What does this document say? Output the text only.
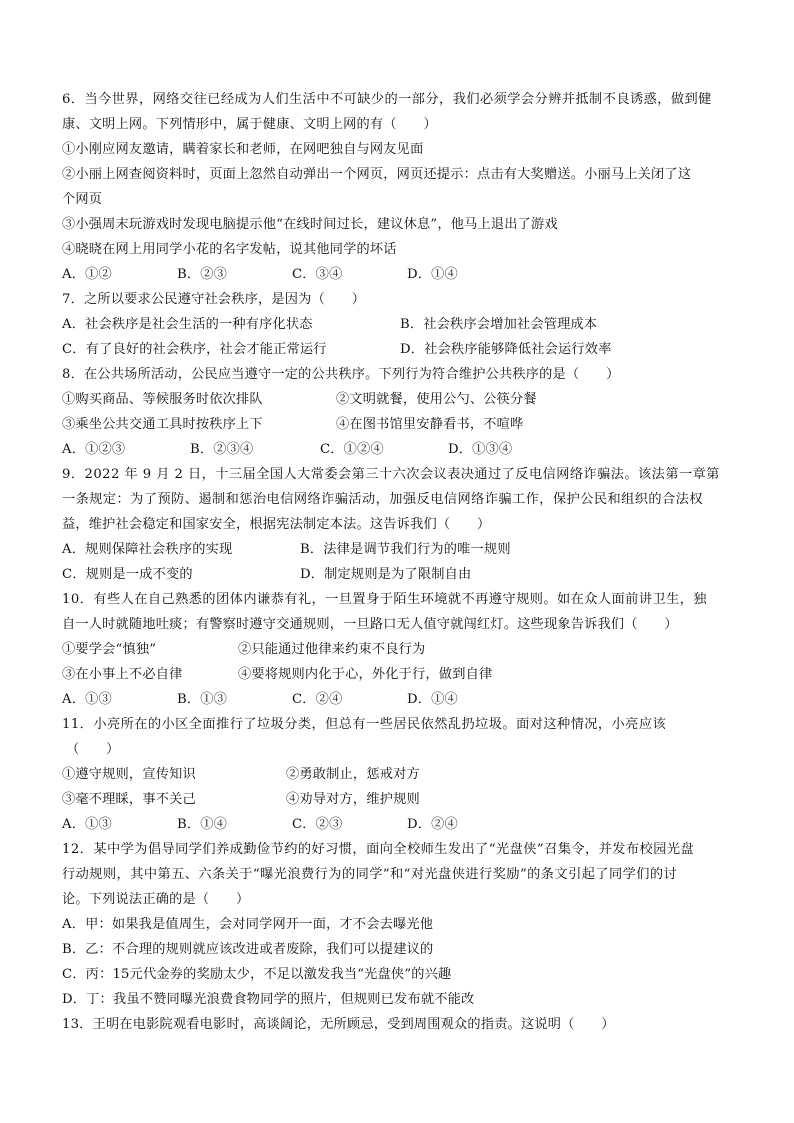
6．当今世界，网络交往已经成为人们生活中不可缺少的一部分，我们必须学会分辨并抵制不良诱惑，做到健
康、文明上网。下列情形中，属于健康、文明上网的有（　　）
①小刚应网友邀请，瞒着家长和老师，在网吧独自与网友见面
②小丽上网查阅资料时，页面上忽然自动弹出一个网页，网页还提示：点击有大奖赠送。小丽马上关闭了这
个网页
③小强周末玩游戏时发现电脑提示他“在线时间过长，建议休息”，他马上退出了游戏
④晓晓在网上用同学小花的名字发帖，说其他同学的坏话
A．①②	B．②③	C．③④	D．①④
7．之所以要求公民遵守社会秩序，是因为（　　）
A．社会秩序是社会生活的一种有序化状态	B．社会秩序会增加社会管理成本
C．有了良好的社会秩序，社会才能正常运行	D．社会秩序能够降低社会运行效率
8．在公共场所活动，公民应当遵守一定的公共秩序。下列行为符合维护公共秩序的是（　　）
①购买商品、等候服务时依次排队	②文明就餐，使用公勺、公筷分餐
③乘坐公共交通工具时按秩序上下	④在图书馆里安静看书，不喧哗
A．①②③	B．②③④	C．①②④	D．①③④
9．2022 年 9 月 2 日，十三届全国人大常委会第三十六次会议表决通过了反电信网络诈骗法。该法第一章第
一条规定：为了预防、遏制和惩治电信网络诈骗活动，加强反电信网络诈骗工作，保护公民和组织的合法权
益，维护社会稳定和国家安全，根据宪法制定本法。这告诉我们（　　）
A．规则保障社会秩序的实现	B．法律是调节我们行为的唯一规则
C．规则是一成不变的	D．制定规则是为了限制自由
10．有些人在自己熟悉的团体内谦恭有礼，一旦置身于陌生环境就不再遵守规则。如在众人面前讲卫生，独
自一人时就随地吐痰；有警察时遵守交通规则，一旦路口无人值守就闯红灯。这些现象告诉我们（　　）
①要学会“慎独”	②只能通过他律来约束不良行为
③在小事上不必自律	④要将规则内化于心，外化于行，做到自律
A．①③	B．①③	C．②④	D．①④
11．小亮所在的小区全面推行了垃圾分类，但总有一些居民依然乱扔垃圾。面对这种情况，小亮应该
（　　）
①遵守规则，宣传知识	②勇敢制止，惩戒对方
③毫不理睬，事不关己	④劝导对方，维护规则
A．①③	B．①④	C．②③	D．②④
12．某中学为倡导同学们养成勤俭节约的好习惯，面向全校师生发出了“光盘侠”召集令，并发布校园光盘
行动规则，其中第五、六条关于“曝光浪费行为的同学”和“对光盘侠进行奖励”的条文引起了同学们的讨
论。下列说法正确的是（　　）
A．甲：如果我是值周生，会对同学网开一面，才不会去曝光他
B．乙：不合理的规则就应该改进或者废除，我们可以提建议的
C．丙：15元代金券的奖励太少，不足以激发我当“光盘侠”的兴趣
D．丁：我虽不赞同曝光浪费食物同学的照片，但规则已发布就不能改
13．王明在电影院观看电影时，高谈阔论，无所顾忌，受到周围观众的指责。这说明（　　）
